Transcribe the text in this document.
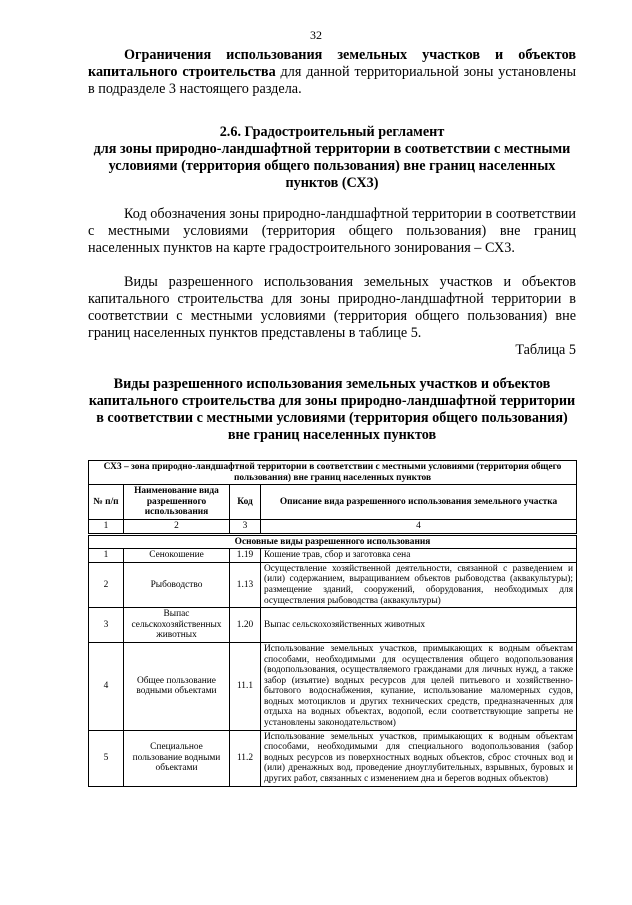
32
Ограничения использования земельных участков и объектов капитального строительства для данной территориальной зоны установлены в подразделе 3 настоящего раздела.
2.6. Градостроительный регламент
для зоны природно-ландшафтной территории в соответствии с местными условиями (территория общего пользования) вне границ населенных пунктов (СХ3)
Код обозначения зоны природно-ландшафтной территории в соответствии с местными условиями (территория общего пользования) вне границ населенных пунктов на карте градостроительного зонирования – СХ3.
Виды разрешенного использования земельных участков и объектов капитального строительства для зоны природно-ландшафтной территории в соответствии с местными условиями (территория общего пользования) вне границ населенных пунктов представлены в таблице 5.
Таблица 5
Виды разрешенного использования земельных участков и объектов капитального строительства для зоны природно-ландшафтной территории в соответствии с местными условиями (территория общего пользования) вне границ населенных пунктов
СХ3 – зона природно-ландшафтной территории в соответствии с местными условиями (территория общего пользования) вне границ населенных пунктов			
№ п/п	Наименование вида разрешенного использования	Код	Описание вида разрешенного использования земельного участка
1	2	3	4
Основные виды разрешенного использования			
1	Сенокошение	1.19	Кошение трав, сбор и заготовка сена
2	Рыбоводство	1.13	Осуществление хозяйственной деятельности, связанной с разведением и (или) содержанием, выращиванием объектов рыбоводства (аквакультуры); размещение зданий, сооружений, оборудования, необходимых для осуществления рыбоводства (аквакультуры)
3	Выпас сельскохозяйственных животных	1.20	Выпас сельскохозяйственных животных
4	Общее пользование водными объектами	11.1	Использование земельных участков, примыкающих к водным объектам способами, необходимыми для осуществления общего водопользования (водопользования, осуществляемого гражданами для личных нужд, а также забор (изъятие) водных ресурсов для целей питьевого и хозяйственно-бытового водоснабжения, купание, использование маломерных судов, водных мотоциклов и других технических средств, предназначенных для отдыха на водных объектах, водопой, если соответствующие запреты не установлены законодательством)
5	Специальное пользование водными объектами	11.2	Использование земельных участков, примыкающих к водным объектам способами, необходимыми для специального водопользования (забор водных ресурсов из поверхностных водных объектов, сброс сточных вод и (или) дренажных вод, проведение дноуглубительных, взрывных, буровых и других работ, связанных с изменением дна и берегов водных объектов)
